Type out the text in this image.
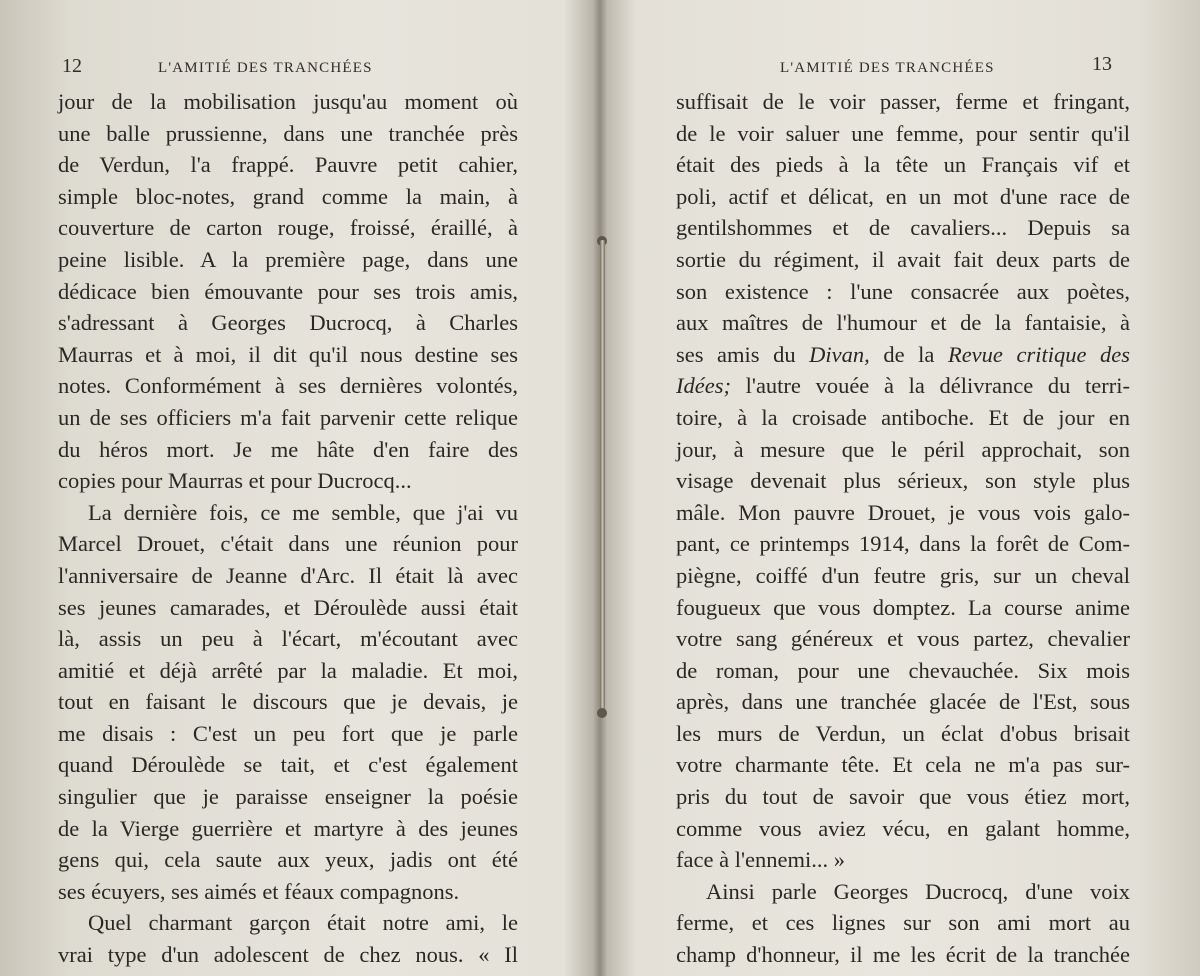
12	L'AMITIÉ DES TRANCHÉES
jour de la mobilisation jusqu'au moment où
une balle prussienne, dans une tranchée près
de Verdun, l'a frappé. Pauvre petit cahier,
simple bloc-notes, grand comme la main, à
couverture de carton rouge, froissé, éraillé, à
peine lisible. A la première page, dans une
dédicace bien émouvante pour ses trois amis,
s'adressant à Georges Ducrocq, à Charles
Maurras et à moi, il dit qu'il nous destine ses
notes. Conformément à ses dernières volontés,
un de ses officiers m'a fait parvenir cette relique
du héros mort. Je me hâte d'en faire des
copies pour Maurras et pour Ducrocq...
La dernière fois, ce me semble, que j'ai vu
Marcel Drouet, c'était dans une réunion pour
l'anniversaire de Jeanne d'Arc. Il était là avec
ses jeunes camarades, et Déroulède aussi était
là, assis un peu à l'écart, m'écoutant avec
amitié et déjà arrêté par la maladie. Et moi,
tout en faisant le discours que je devais, je
me disais : C'est un peu fort que je parle
quand Déroulède se tait, et c'est également
singulier que je paraisse enseigner la poésie
de la Vierge guerrière et martyre à des jeunes
gens qui, cela saute aux yeux, jadis ont été
ses écuyers, ses aimés et féaux compagnons.
Quel charmant garçon était notre ami, le
vrai type d'un adolescent de chez nous. « Il
L'AMITIÉ DES TRANCHÉES	13
suffisait de le voir passer, ferme et fringant,
de le voir saluer une femme, pour sentir qu'il
était des pieds à la tête un Français vif et
poli, actif et délicat, en un mot d'une race de
gentilshommes et de cavaliers... Depuis sa
sortie du régiment, il avait fait deux parts de
son existence : l'une consacrée aux poètes,
aux maîtres de l'humour et de la fantaisie, à
ses amis du Divan, de la Revue critique des
Idées; l'autre vouée à la délivrance du terri-
toire, à la croisade antiboche. Et de jour en
jour, à mesure que le péril approchait, son
visage devenait plus sérieux, son style plus
mâle. Mon pauvre Drouet, je vous vois galo-
pant, ce printemps 1914, dans la forêt de Com-
piègne, coiffé d'un feutre gris, sur un cheval
fougueux que vous domptez. La course anime
votre sang généreux et vous partez, chevalier
de roman, pour une chevauchée. Six mois
après, dans une tranchée glacée de l'Est, sous
les murs de Verdun, un éclat d'obus brisait
votre charmante tête. Et cela ne m'a pas sur-
pris du tout de savoir que vous étiez mort,
comme vous aviez vécu, en galant homme,
face à l'ennemi... »
Ainsi parle Georges Ducrocq, d'une voix
ferme, et ces lignes sur son ami mort au
champ d'honneur, il me les écrit de la tranchée
